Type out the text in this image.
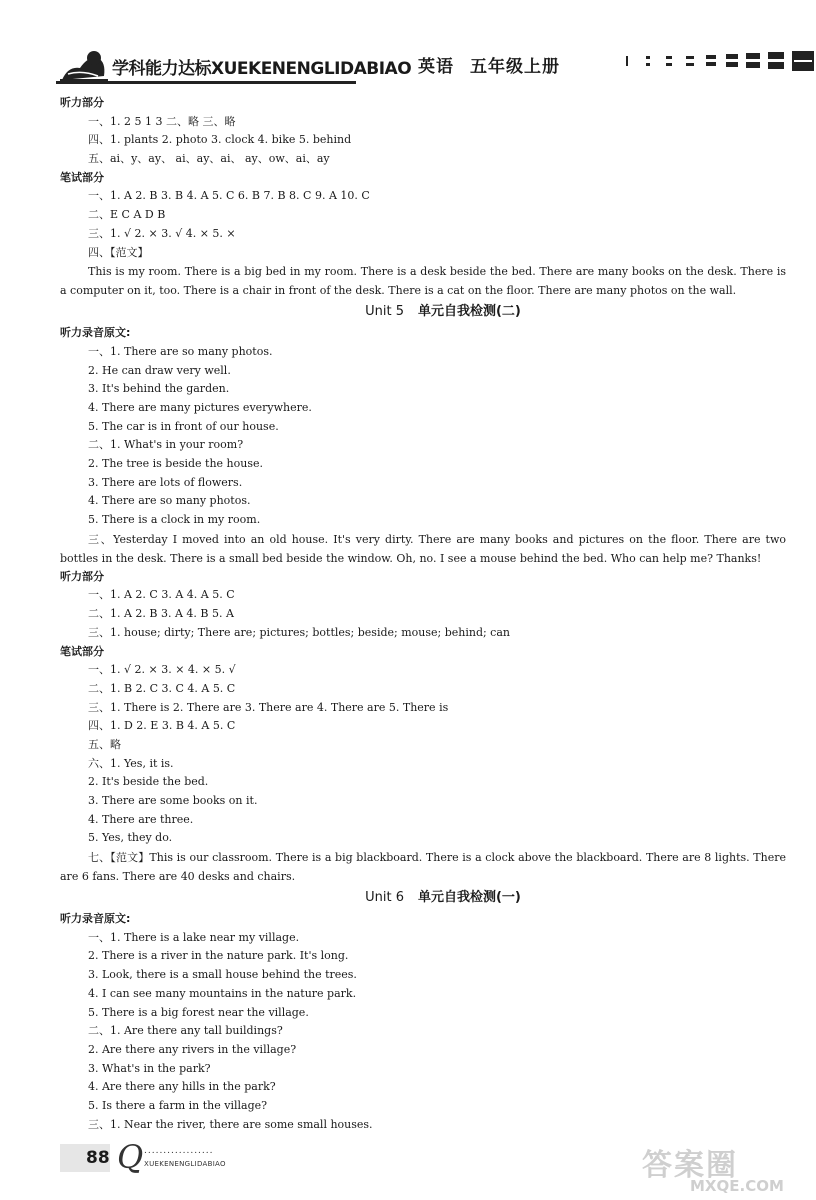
学科能力达标XUEKENENGLIDABIAO 英语 五年级上册
听力部分
一、1. 2 5 1 3 二、略 三、略
四、1. plants 2. photo 3. clock 4. bike 5. behind
五、ai、y、ay、 ai、ay、ai、 ay、ow、ai、ay
笔试部分
一、1. A 2. B 3. B 4. A 5. C 6. B 7. B 8. C 9. A 10. C
二、E C A D B
三、1. √ 2. × 3. √ 4. × 5. ×
四、【范文】

This is my room. There is a big bed in my room. There is a desk beside the bed. There are many books on the desk. There is a computer on it, too. There is a chair in front of the desk. There is a cat on the floor. There are many photos on the wall.

Unit 5 单元自我检测(二)
听力录音原文:
一、1. There are so many photos.
2. He can draw very well.
3. It's behind the garden.
4. There are many pictures everywhere.
5. The car is in front of our house.
二、1. What's in your room?
2. The tree is beside the house.
3. There are lots of flowers.
4. There are so many photos.
5. There is a clock in my room.

三、Yesterday I moved into an old house. It's very dirty. There are many books and pictures on the floor. There are two bottles in the desk. There is a small bed beside the window. Oh, no. I see a mouse behind the bed. Who can help me? Thanks!

听力部分
一、1. A 2. C 3. A 4. A 5. C
二、1. A 2. B 3. A 4. B 5. A
三、1. house; dirty; There are; pictures; bottles; beside; mouse; behind; can
笔试部分
一、1. √ 2. × 3. × 4. × 5. √
二、1. B 2. C 3. C 4. A 5. C
三、1. There is 2. There are 3. There are 4. There are 5. There is
四、1. D 2. E 3. B 4. A 5. C
五、略
六、1. Yes, it is.
2. It's beside the bed.
3. There are some books on it.
4. There are three.
5. Yes, they do.

七、【范文】This is our classroom. There is a big blackboard. There is a clock above the blackboard. There are 8 lights. There are 6 fans. There are 40 desks and chairs.

Unit 6 单元自我检测(一)
听力录音原文:
一、1. There is a lake near my village.
2. There is a river in the nature park. It's long.
3. Look, there is a small house behind the trees.
4. I can see many mountains in the nature park.
5. There is a big forest near the village.
二、1. Are there any tall buildings?
2. Are there any rivers in the village?
3. What's in the park?
4. Are there any hills in the park?
5. Is there a farm in the village?
三、1. Near the river, there are some small houses.
88 Q ..................
XUEKENENGLIDABIAO	答案圈
MXQE.COM
